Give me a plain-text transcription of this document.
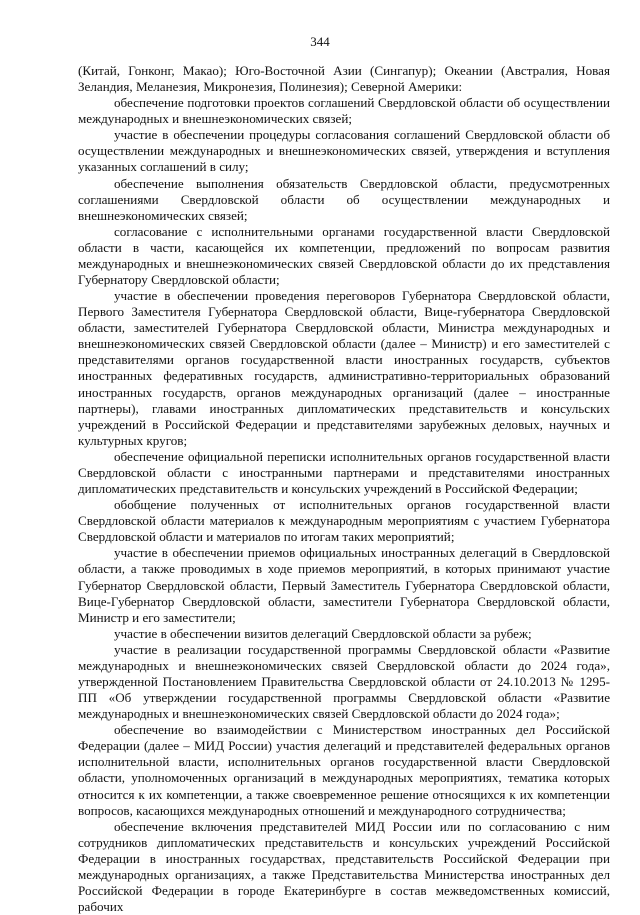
344

(Китай, Гонконг, Макао); Юго-Восточной Азии (Сингапур); Океании (Австралия, Новая Зеландия, Меланезия, Микронезия, Полинезия); Северной Америки:

обеспечение подготовки проектов соглашений Свердловской области об осуществлении международных и внешнеэкономических связей;

участие в обеспечении процедуры согласования соглашений Свердловской области об осуществлении международных и внешнеэкономических связей, утверждения и вступления указанных соглашений в силу;

обеспечение выполнения обязательств Свердловской области, предусмотренных соглашениями Свердловской области об осуществлении международных и внешнеэкономических связей;

согласование с исполнительными органами государственной власти Свердловской области в части, касающейся их компетенции, предложений по вопросам развития международных и внешнеэкономических связей Свердловской области до их представления Губернатору Свердловской области;

участие в обеспечении проведения переговоров Губернатора Свердловской области, Первого Заместителя Губернатора Свердловской области, Вице-губернатора Свердловской области, заместителей Губернатора Свердловской области, Министра международных и внешнеэкономических связей Свердловской области (далее – Министр) и его заместителей с представителями органов государственной власти иностранных государств, субъектов иностранных федеративных государств, административно-территориальных образований иностранных государств, органов международных организаций (далее – иностранные партнеры), главами иностранных дипломатических представительств и консульских учреждений в Российской Федерации и представителями зарубежных деловых, научных и культурных кругов;

обеспечение официальной переписки исполнительных органов государственной власти Свердловской области с иностранными партнерами и представителями иностранных дипломатических представительств и консульских учреждений в Российской Федерации;

обобщение полученных от исполнительных органов государственной власти Свердловской области материалов к международным мероприятиям с участием Губернатора Свердловской области и материалов по итогам таких мероприятий;

участие в обеспечении приемов официальных иностранных делегаций в Свердловской области, а также проводимых в ходе приемов мероприятий, в которых принимают участие Губернатор Свердловской области, Первый Заместитель Губернатора Свердловской области, Вице-Губернатор Свердловской области, заместители Губернатора Свердловской области, Министр и его заместители;

участие в обеспечении визитов делегаций Свердловской области за рубеж;

участие в реализации государственной программы Свердловской области «Развитие международных и внешнеэкономических связей Свердловской области до 2024 года», утвержденной Постановлением Правительства Свердловской области от 24.10.2013 № 1295-ПП «Об утверждении государственной программы Свердловской области «Развитие международных и внешнеэкономических связей Свердловской области до 2024 года»;

обеспечение во взаимодействии с Министерством иностранных дел Российской Федерации (далее – МИД России) участия делегаций и представителей федеральных органов исполнительной власти, исполнительных органов государственной власти Свердловской области, уполномоченных организаций в международных мероприятиях, тематика которых относится к их компетенции, а также своевременное решение относящихся к их компетенции вопросов, касающихся международных отношений и международного сотрудничества;

обеспечение включения представителей МИД России или по согласованию с ним сотрудников дипломатических представительств и консульских учреждений Российской Федерации в иностранных государствах, представительств Российской Федерации при международных организациях, а также Представительства Министерства иностранных дел Российской Федерации в городе Екатеринбурге в состав межведомственных комиссий, рабочих
